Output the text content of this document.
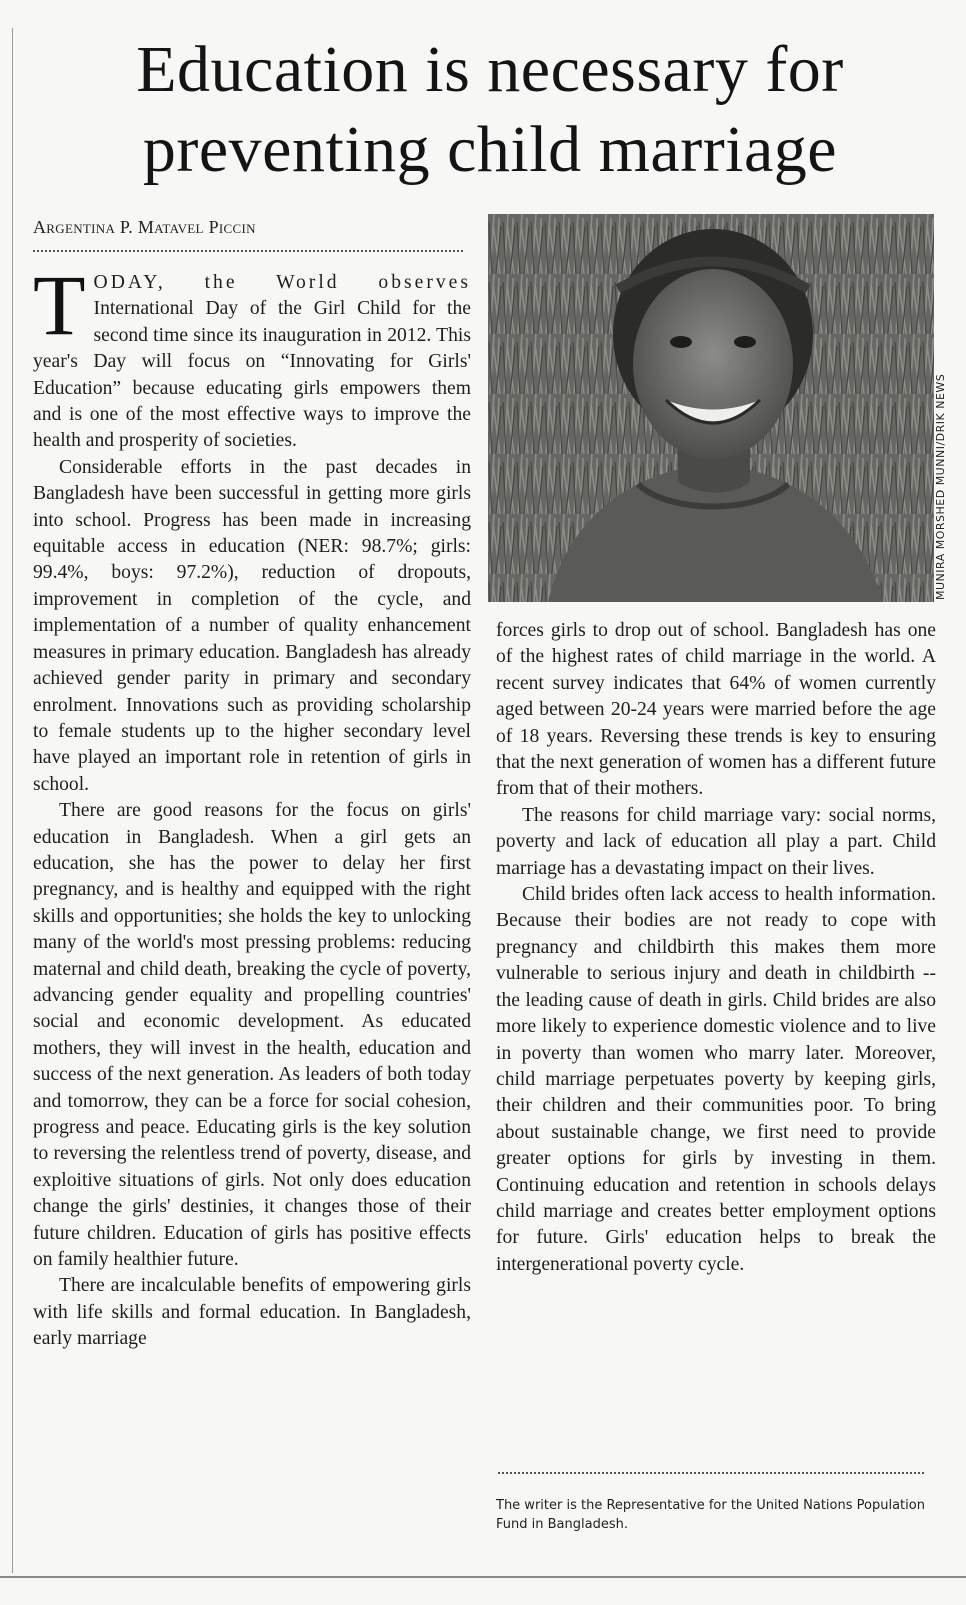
Education is necessary for preventing child marriage
Argentina P. Matavel Piccin

TODAY, the World observes International Day of the Girl Child for the second time since its inauguration in 2012. This year's Day will focus on “Innovating for Girls' Education” because educating girls empowers them and is one of the most effective ways to improve the health and prosperity of societies.

Considerable efforts in the past decades in Bangladesh have been successful in getting more girls into school. Progress has been made in increasing equitable access in education (NER: 98.7%; girls: 99.4%, boys: 97.2%), reduction of dropouts, improvement in completion of the cycle, and implementation of a number of quality enhancement measures in primary education. Bangladesh has already achieved gender parity in primary and secondary enrolment. Innovations such as providing scholarship to female students up to the higher secondary level have played an important role in retention of girls in school.

There are good reasons for the focus on girls' education in Bangladesh. When a girl gets an education, she has the power to delay her first pregnancy, and is healthy and equipped with the right skills and opportunities; she holds the key to unlocking many of the world's most pressing problems: reducing maternal and child death, breaking the cycle of poverty, advancing gender equality and propelling countries' social and economic development. As educated mothers, they will invest in the health, education and success of the next generation. As leaders of both today and tomorrow, they can be a force for social cohesion, progress and peace. Educating girls is the key solution to reversing the relentless trend of poverty, disease, and exploitive situations of girls. Not only does education change the girls' destinies, it changes those of their future children. Education of girls has positive effects on family healthier future.

There are incalculable benefits of empowering girls with life skills and formal education. In Bangladesh, early marriage

MUNIRA MORSHED MUNNI/DRIK NEWS

forces girls to drop out of school. Bangladesh has one of the highest rates of child marriage in the world. A recent survey indicates that 64% of women currently aged between 20-24 years were married before the age of 18 years. Reversing these trends is key to ensuring that the next generation of women has a different future from that of their mothers.

The reasons for child marriage vary: social norms, poverty and lack of education all play a part. Child marriage has a devastating impact on their lives.

Child brides often lack access to health information. Because their bodies are not ready to cope with pregnancy and childbirth this makes them more vulnerable to serious injury and death in childbirth -- the leading cause of death in girls. Child brides are also more likely to experience domestic violence and to live in poverty than women who marry later. Moreover, child marriage perpetuates poverty by keeping girls, their children and their communities poor. To bring about sustainable change, we first need to provide greater options for girls by investing in them. Continuing education and retention in schools delays child marriage and creates better employment options for future. Girls' education helps to break the intergenerational poverty cycle.

The writer is the Representative for the United Nations Population Fund in Bangladesh.
